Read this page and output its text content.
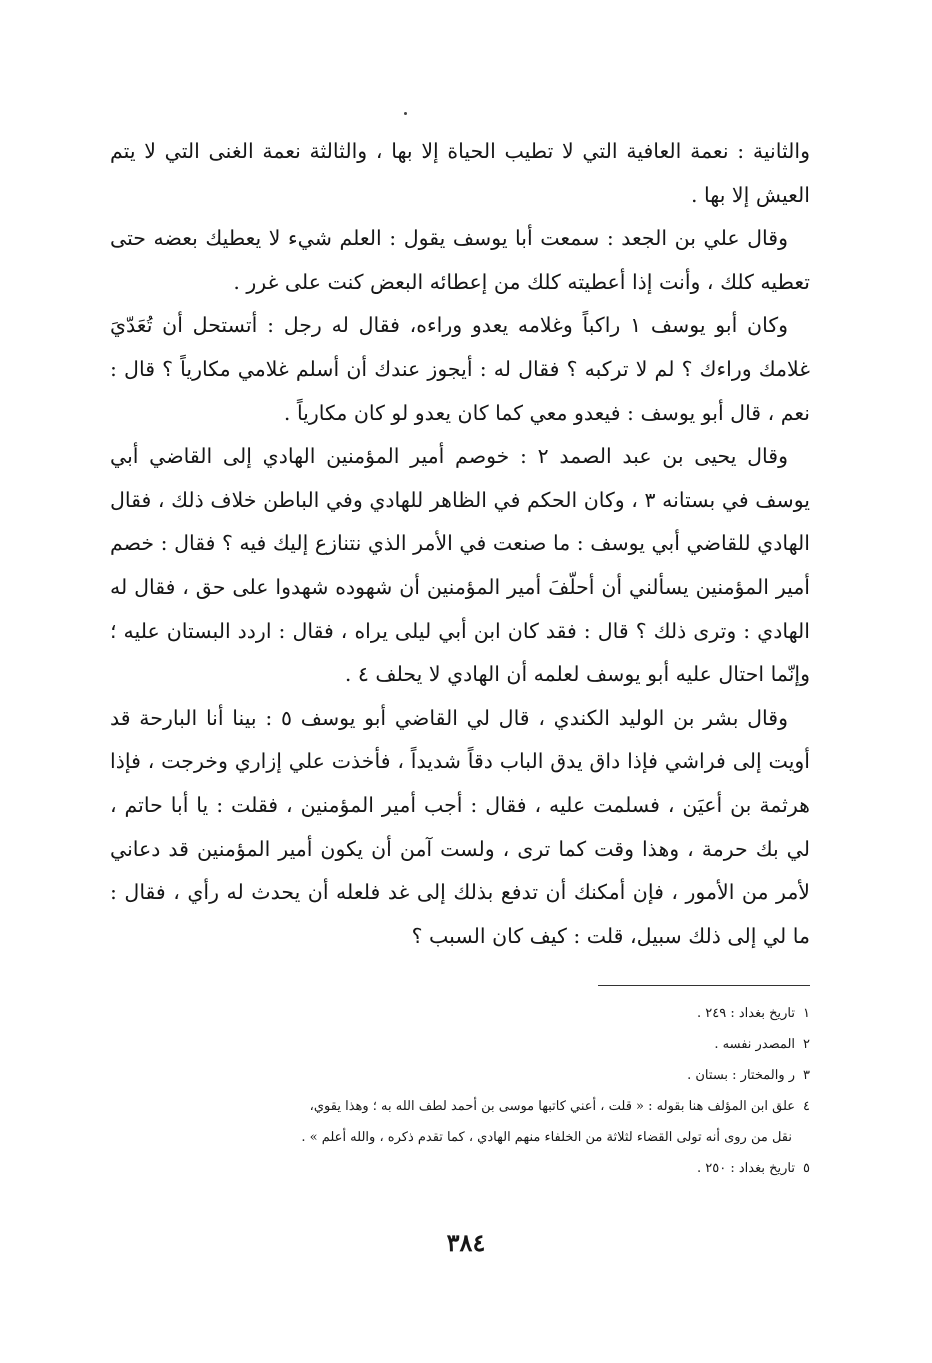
والثانية : نعمة العافية التي لا تطيب الحياة إلا بها ، والثالثة نعمة الغنى التي لا يتم العيش إلا بها .

وقال علي بن الجعد : سمعت أبا يوسف يقول : العلم شيء لا يعطيك بعضه حتى تعطيه كلك ، وأنت إذا أعطيته كلك من إعطائه البعض كنت على غرر .

وكان أبو يوسف ١ راكباً وغلامه يعدو وراءه، فقال له رجل : أتستحل أن تُعَدّيَ غلامك وراءك ؟ لم لا تركبه ؟ فقال له : أيجوز عندك أن أسلم غلامي مكارياً ؟ قال : نعم ، قال أبو يوسف : فيعدو معي كما كان يعدو لو كان مكارياً .

وقال يحيى بن عبد الصمد ٢ : خوصم أمير المؤمنين الهادي إلى القاضي أبي يوسف في بستانه ٣ ، وكان الحكم في الظاهر للهادي وفي الباطن خلاف ذلك ، فقال الهادي للقاضي أبي يوسف : ما صنعت في الأمر الذي نتنازع إليك فيه ؟ فقال : خصم أمير المؤمنين يسألني أن أحلّفَ أمير المؤمنين أن شهوده شهدوا على حق ، فقال له الهادي : وترى ذلك ؟ قال : فقد كان ابن أبي ليلى يراه ، فقال : اردد البستان عليه ؛ وإنّما احتال عليه أبو يوسف لعلمه أن الهادي لا يحلف ٤ .

وقال بشر بن الوليد الكندي ، قال لي القاضي أبو يوسف ٥ : بينا أنا البارحة قد أويت إلى فراشي فإذا داق يدق الباب دقاً شديداً ، فأخذت علي إزاري وخرجت ، فإذا هرثمة بن أعيَن ، فسلمت عليه ، فقال : أجب أمير المؤمنين ، فقلت : يا أبا حاتم ، لي بك حرمة ، وهذا وقت كما ترى ، ولست آمن أن يكون أمير المؤمنين قد دعاني لأمر من الأمور ، فإن أمكنك أن تدفع بذلك إلى غد فلعله أن يحدث له رأي ، فقال : ما لي إلى ذلك سبيل، قلت : كيف كان السبب ؟

١تاريخ بغداد : ٢٤٩ .

٢المصدر نفسه .

٣ر والمختار : بستان .

٤علق ابن المؤلف هنا بقوله : « قلت ، أعني كاتبها موسى بن أحمد لطف الله به ؛ وهذا يقوي،

نقل من روى أنه تولى القضاء لثلاثة من الخلفاء منهم الهادي ، كما تقدم ذكره ، والله أعلم » .

٥تاريخ بغداد : ٢٥٠ .

٣٨٤
